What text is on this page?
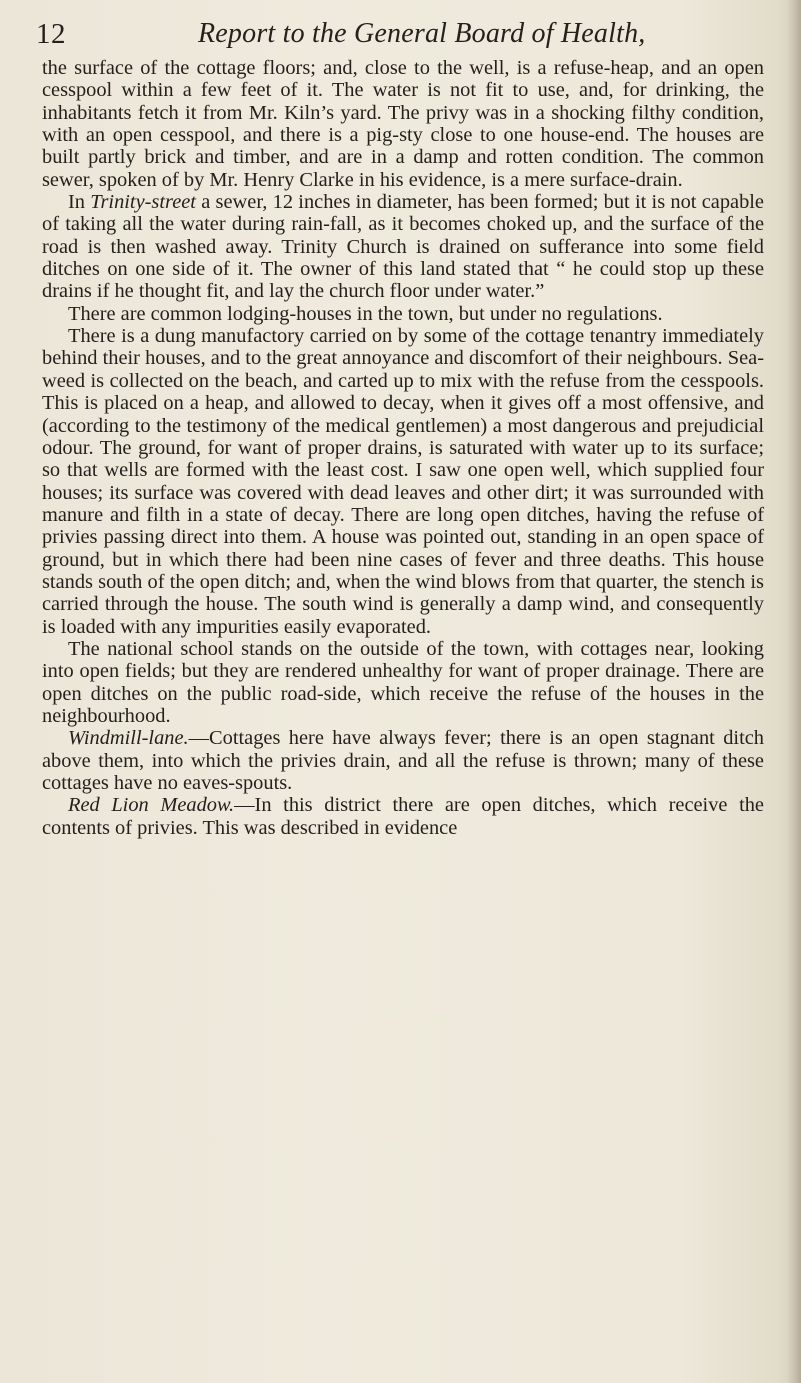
12	Report to the General Board of Health,

the surface of the cottage floors; and, close to the well, is a refuse-heap, and an open cesspool within a few feet of it. The water is not fit to use, and, for drinking, the inhabitants fetch it from Mr. Kiln’s yard. The privy was in a shocking filthy condition, with an open cesspool, and there is a pig-sty close to one house-end. The houses are built partly brick and timber, and are in a damp and rotten condition. The common sewer, spoken of by Mr. Henry Clarke in his evidence, is a mere surface-drain.

In Trinity-street a sewer, 12 inches in diameter, has been formed; but it is not capable of taking all the water during rain-fall, as it becomes choked up, and the surface of the road is then washed away. Trinity Church is drained on sufferance into some field ditches on one side of it. The owner of this land stated that “ he could stop up these drains if he thought fit, and lay the church floor under water.”

There are common lodging-houses in the town, but under no regulations.

There is a dung manufactory carried on by some of the cottage tenantry immediately behind their houses, and to the great annoyance and discomfort of their neighbours. Sea-weed is collected on the beach, and carted up to mix with the refuse from the cesspools. This is placed on a heap, and allowed to decay, when it gives off a most offensive, and (according to the testimony of the medical gentlemen) a most dangerous and prejudicial odour. The ground, for want of proper drains, is saturated with water up to its surface; so that wells are formed with the least cost. I saw one open well, which supplied four houses; its surface was covered with dead leaves and other dirt; it was surrounded with manure and filth in a state of decay. There are long open ditches, having the refuse of privies passing direct into them. A house was pointed out, standing in an open space of ground, but in which there had been nine cases of fever and three deaths. This house stands south of the open ditch; and, when the wind blows from that quarter, the stench is carried through the house. The south wind is generally a damp wind, and consequently is loaded with any impurities easily evaporated.

The national school stands on the outside of the town, with cottages near, looking into open fields; but they are rendered unhealthy for want of proper drainage. There are open ditches on the public road-side, which receive the refuse of the houses in the neighbourhood.

Windmill-lane.—Cottages here have always fever; there is an open stagnant ditch above them, into which the privies drain, and all the refuse is thrown; many of these cottages have no eaves-spouts.

Red Lion Meadow.—In this district there are open ditches, which receive the contents of privies. This was described in evidence
